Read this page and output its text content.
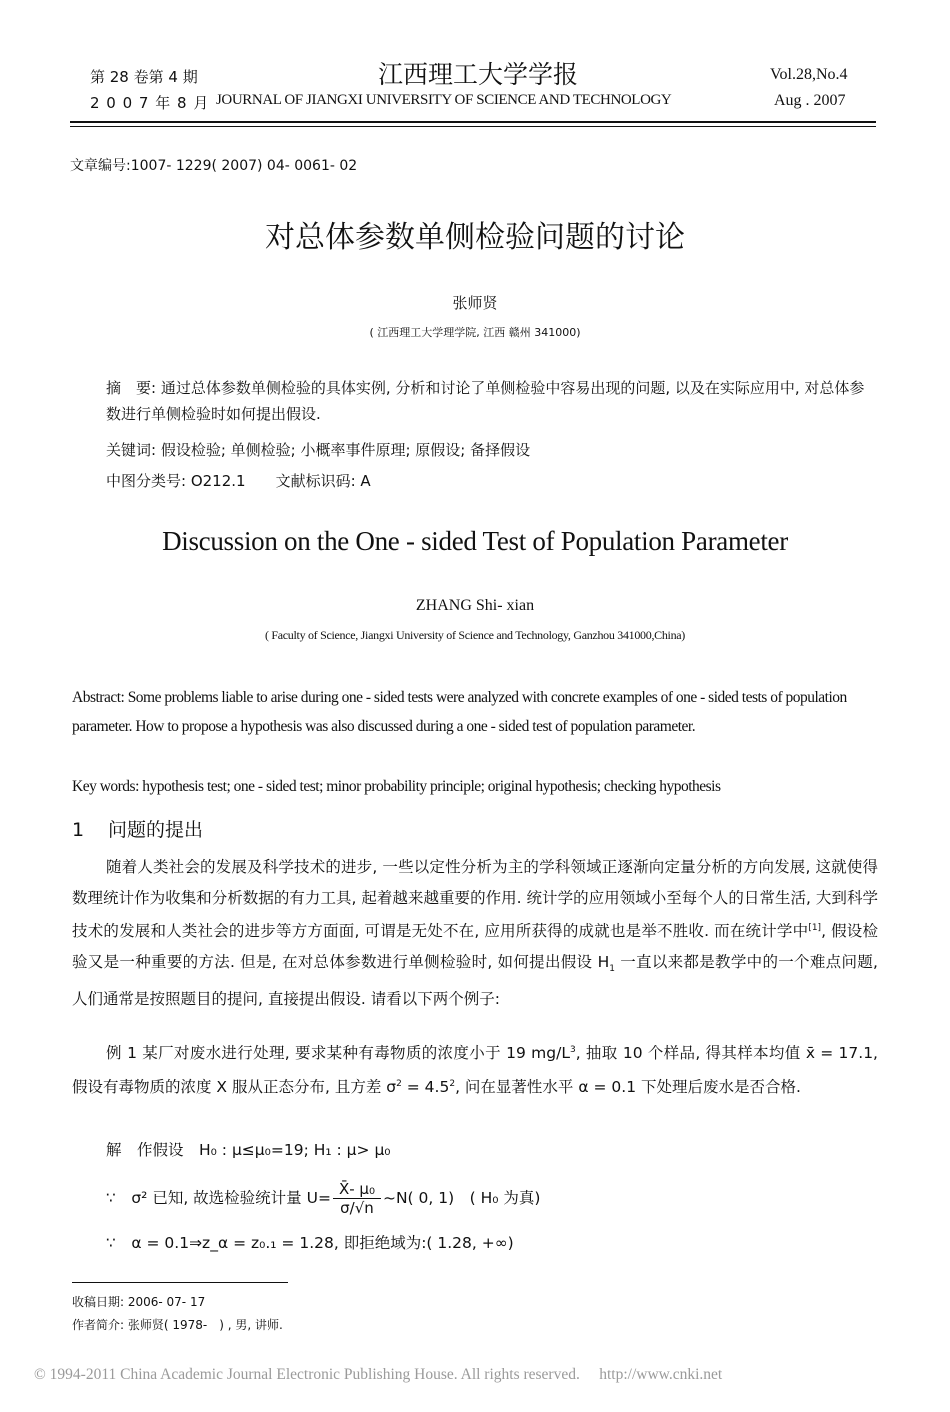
第 28 卷第 4 期
2 0 0 7 年 8 月
江西理工大学学报
JOURNAL OF JIANGXI UNIVERSITY OF SCIENCE AND TECHNOLOGY
Vol.28,No.4
Aug . 2007
文章编号:1007- 1229( 2007) 04- 0061- 02
对总体参数单侧检验问题的讨论
张师贤
( 江西理工大学理学院, 江西 赣州 341000)
摘　要: 通过总体参数单侧检验的具体实例, 分析和讨论了单侧检验中容易出现的问题, 以及在实际应用中, 对总体参数进行单侧检验时如何提出假设.
关键词: 假设检验; 单侧检验; 小概率事件原理; 原假设; 备择假设
中图分类号: O212.1　　文献标识码: A
Discussion on the One - sided Test of Population Parameter
ZHANG Shi- xian
( Faculty of Science, Jiangxi University of Science and Technology, Ganzhou 341000,China)
Abstract: Some problems liable to arise during one - sided tests were analyzed with concrete examples of one - sided tests of population parameter. How to propose a hypothesis was also discussed during a one - sided test of population parameter.
Key words: hypothesis test; one - sided test; minor probability principle; original hypothesis; checking hypothesis
1 问题的提出
随着人类社会的发展及科学技术的进步, 一些以定性分析为主的学科领域正逐渐向定量分析的方向发展, 这就使得数理统计作为收集和分析数据的有力工具, 起着越来越重要的作用. 统计学的应用领域小至每个人的日常生活, 大到科学技术的发展和人类社会的进步等方方面面, 可谓是无处不在, 应用所获得的成就也是举不胜收. 而在统计学中[1], 假设检验又是一种重要的方法. 但是, 在对总体参数进行单侧检验时, 如何提出假设 $H_1$ 一直以来都是教学中的一个难点问题, 人们通常是按照题目的提问, 直接提出假设. 请看以下两个例子:
例 1 某厂对废水进行处理, 要求某种有毒物质的浓度小于 19 $mg/L^3$, 抽取 10 个样品, 得其样本均值 x̄ = 17.1, 假设有毒物质的浓度 X 服从正态分布, 且方差 $\sigma^2 = 4.5^2$, 问在显著性水平 α = 0.1 下处理后废水是否合格.
解　作假设　H₀ : μ≤μ₀=19; H₁ : μ> μ₀
∵　σ² 已知, 故选检验统计量 $U= \frac{\text{X̄- μ₀}}{\sigma/√n}$ ~N( 0, 1)　( H₀ 为真)
∵　α = 0.1⇒z_α = z₀.₁ = 1.28, 即拒绝域为:( 1.28, +∞)
收稿日期: 2006- 07- 17
作者简介: 张师贤( 1978-　) , 男, 讲师.
© 1994-2011 China Academic Journal Electronic Publishing House. All rights reserved.　 http://www.cnki.net
